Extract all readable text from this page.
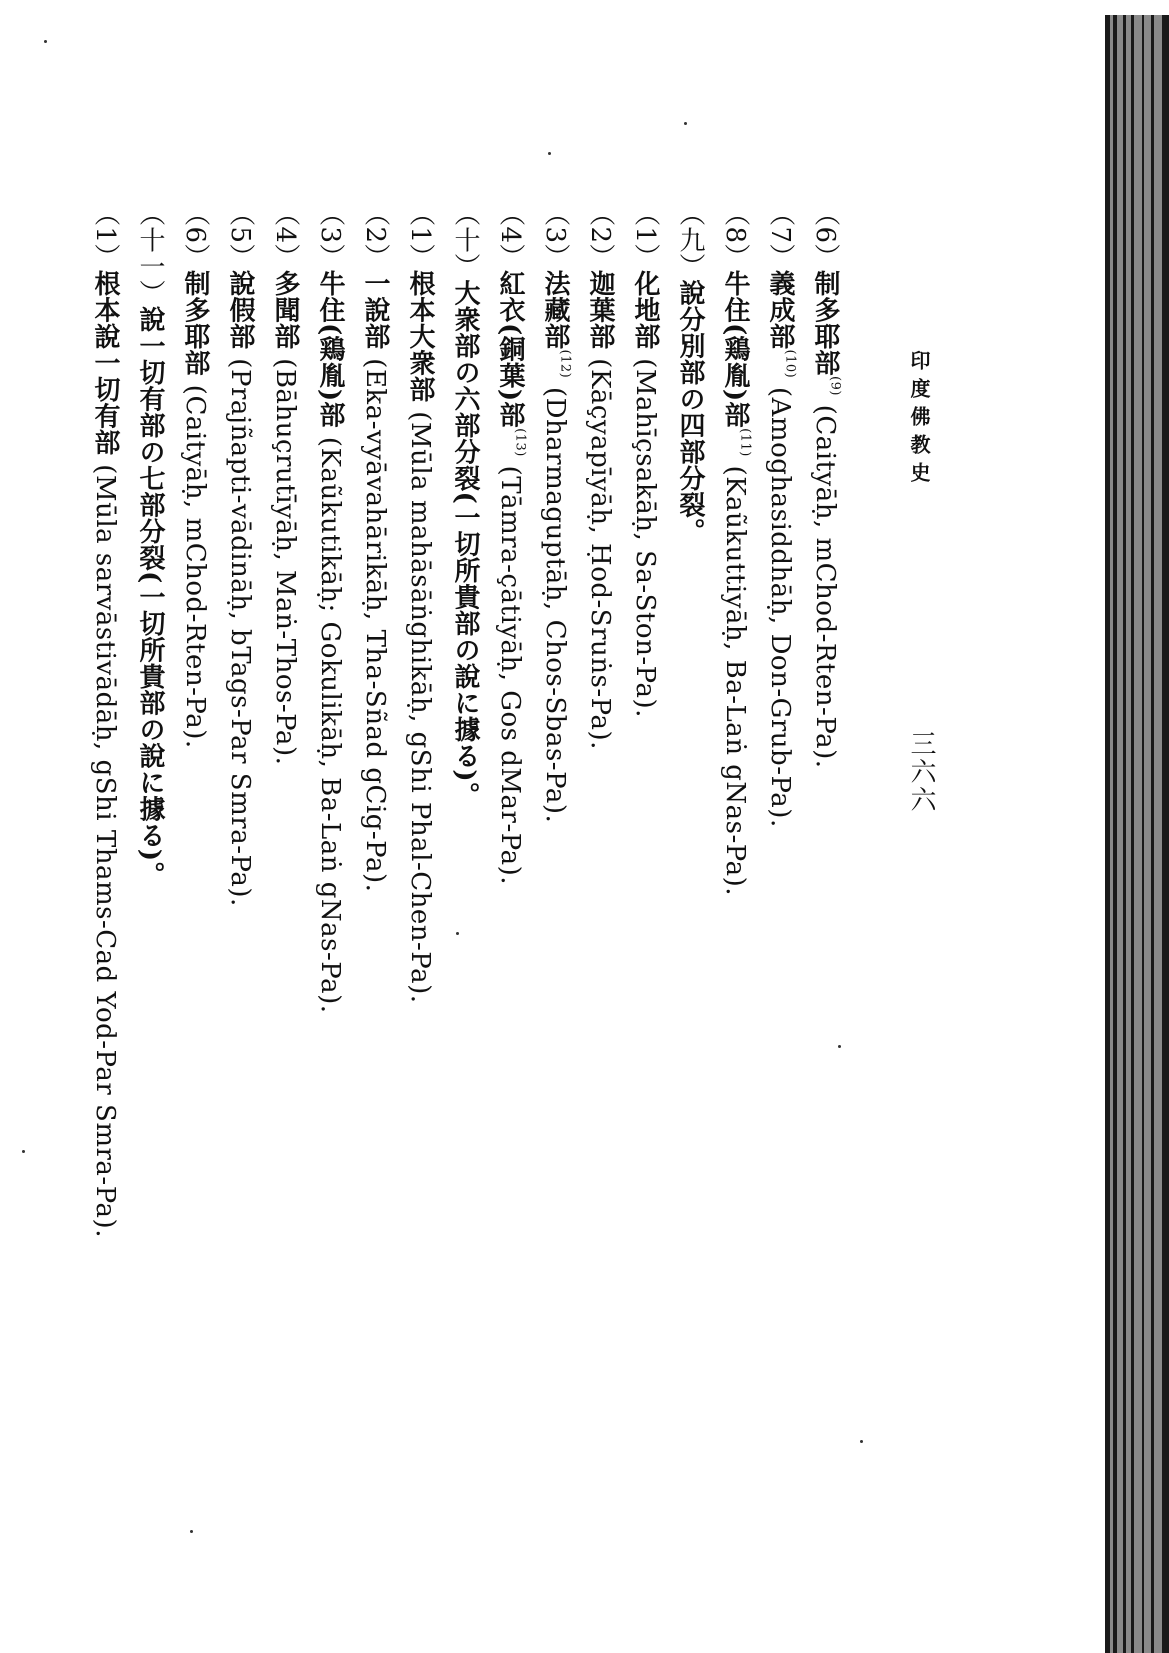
印度佛教史
三六六
（6）制多耶部$^{(9)}$ (Caityāḥ, mChod-Rten-Pa).
（7）義成部$^{(10)}$ (Amoghasiddhāḥ, Don-Grub-Pa).
（8）牛住(鶏胤)部$^{(11)}$ (Kaũkuttiyāḥ, Ba-Laṅ gNas-Pa).
（九）說分別部の四部分裂。
（1）化地部 (Mahīçsakāḥ, Sa-Ston-Pa).
（2）迦葉部 (Kāçyapīyāḥ, Ḥod-Sruṅs-Pa).
（3）法藏部$^{(12)}$ (Dharmaguptāḥ, Chos-Sbas-Pa).
（4）紅衣(銅葉)部$^{(13)}$ (Tāmra-çātiyāḥ, Gos dMar-Pa).
（十）大衆部の六部分裂(一切所貴部の說に據る)。
（1）根本大衆部 (Mūla mahāsāṅghikāḥ, gShi Phal-Chen-Pa).
（2）一說部 (Eka-vyāvahārikāḥ, Tha-Sñad gCig-Pa).
（3）牛住(鶏胤)部 (Kaũkutikāḥ; Gokulikāḥ, Ba-Laṅ gNas-Pa).
（4）多聞部 (Bāhuçrutīyāḥ, Maṅ-Thos-Pa).
（5）說假部 (Prajñapti-vādināḥ, bTags-Par Smra-Pa).
（6）制多耶部 (Caityāḥ, mChod-Rten-Pa).
（十一）說一切有部の七部分裂(一切所貴部の說に據る)。
（1）根本說一切有部 (Mūla sarvāstivādāḥ, gShi Thams-Cad Yod-Par Smra-Pa).
